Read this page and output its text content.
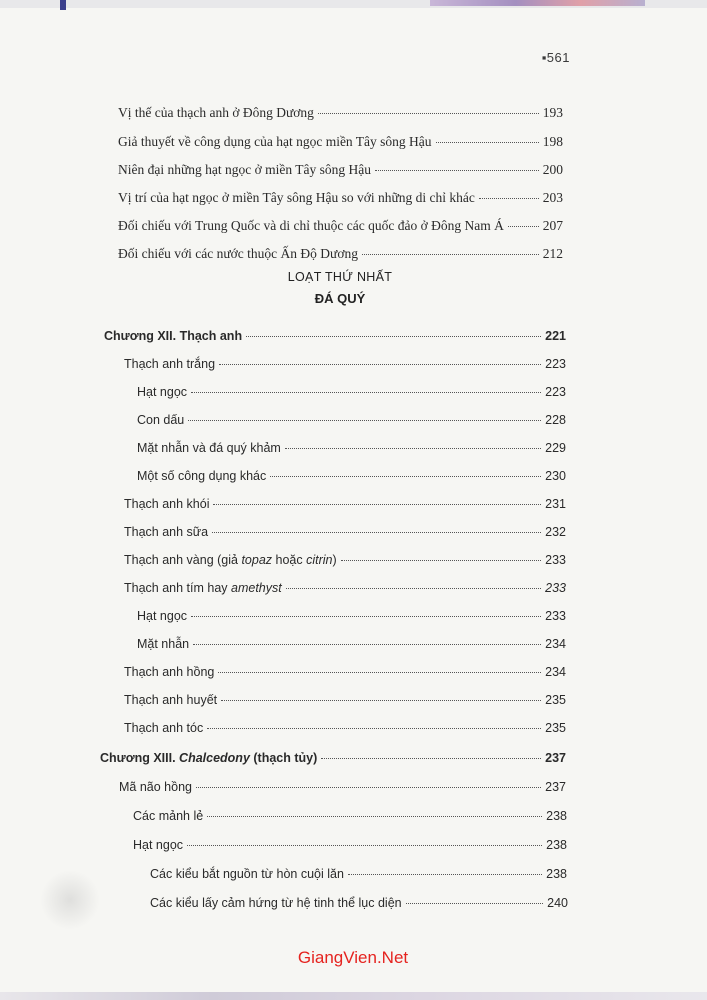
▪561
Vị thế của thạch anh ở Đông Dương	193
Giả thuyết về công dụng của hạt ngọc miền Tây sông Hậu	198
Niên đại những hạt ngọc ở miền Tây sông Hậu	200
Vị trí của hạt ngọc ở miền Tây sông Hậu so với những di chỉ khác	203
Đối chiếu với Trung Quốc và di chỉ thuộc các quốc đảo ở Đông Nam Á	207
Đối chiếu với các nước thuộc Ấn Độ Dương	212
LOẠT THỨ NHẤT
ĐÁ QUÝ
Chương XII. Thạch anh	221
Thạch anh trắng	223
Hạt ngọc	223
Con dấu	228
Mặt nhẫn và đá quý khảm	229
Một số công dụng khác	230
Thạch anh khói	231
Thạch anh sữa	232
Thạch anh vàng (giả topaz hoặc citrin)	233
Thạch anh tím hay amethyst	233
Hạt ngọc	233
Mặt nhẫn	234
Thạch anh hồng	234
Thạch anh huyết	235
Thạch anh tóc	235
Chương XIII. Chalcedony (thạch tủy)	237
Mã não hồng	237
Các mảnh lẻ	238
Hạt ngọc	238
Các kiểu bắt nguồn từ hòn cuội lăn	238
Các kiểu lấy cảm hứng từ hệ tinh thể lục diện	240
GiangVien.Net
